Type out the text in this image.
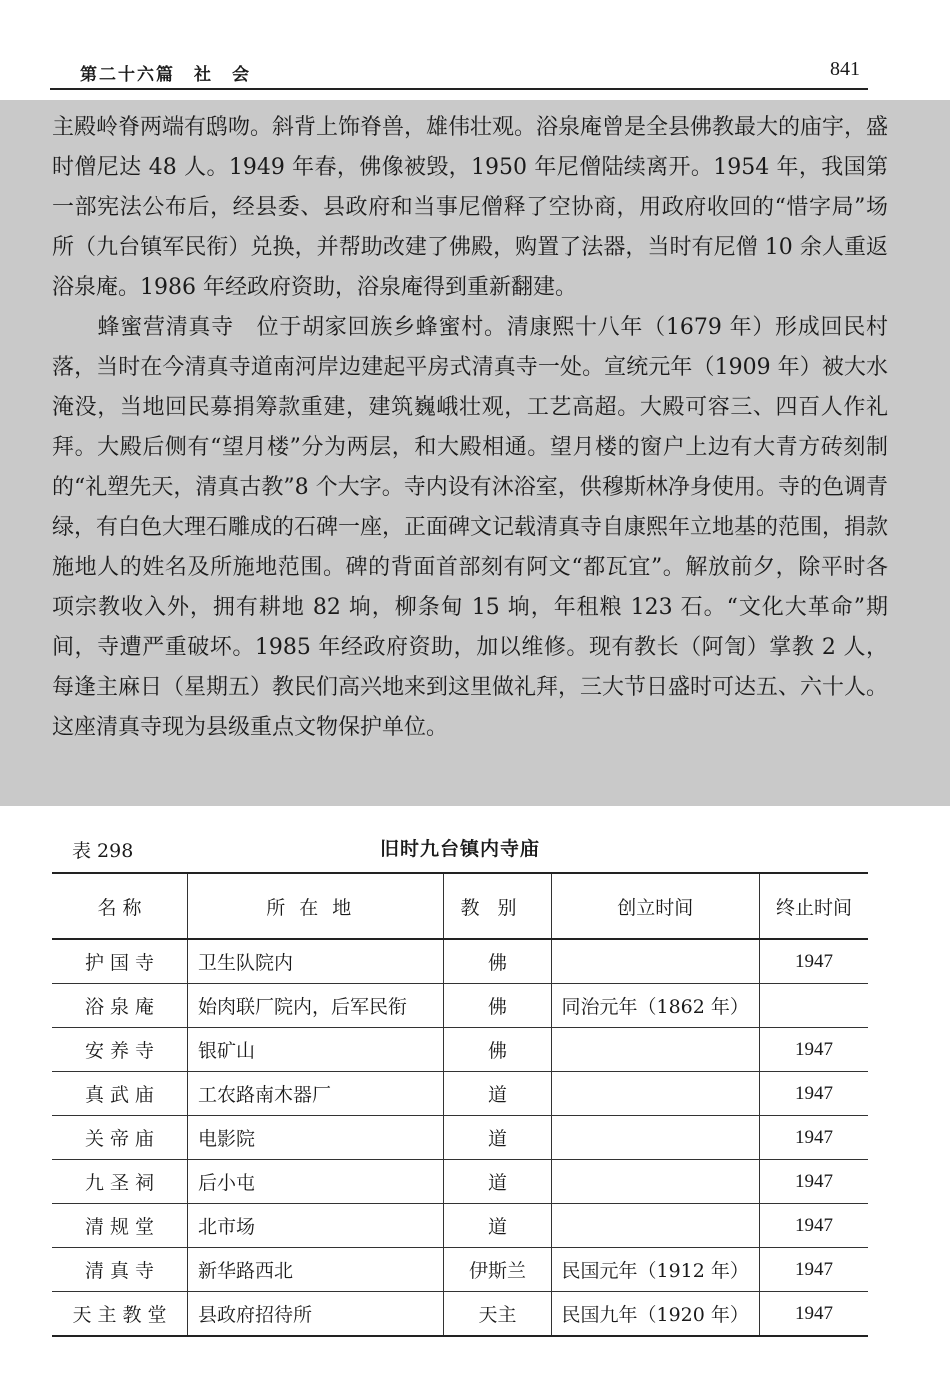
第二十六篇　社　会	841

主殿岭脊两端有鸱吻。斜背上饰脊兽，雄伟壮观。浴泉庵曾是全县佛教最大的庙宇，盛时僧尼达 48 人。1949 年春，佛像被毁，1950 年尼僧陆续离开。1954 年，我国第一部宪法公布后，经县委、县政府和当事尼僧释了空协商，用政府收回的“惜字局”场所（九台镇军民衔）兑换，并帮助改建了佛殿，购置了法器，当时有尼僧 10 余人重返浴泉庵。1986 年经政府资助，浴泉庵得到重新翻建。

　　蜂蜜营清真寺　 位于胡家回族乡蜂蜜村。清康熙十八年（1679 年）形成回民村落，当时在今清真寺道南河岸边建起平房式清真寺一处。宣统元年（1909 年）被大水淹没，当地回民募捐筹款重建，建筑巍峨壮观，工艺高超。大殿可容三、四百人作礼拜。大殿后侧有“望月楼”分为两层，和大殿相通。望月楼的窗户上边有大青方砖刻制的“礼塑先天，清真古教”8 个大字。寺内设有沐浴室，供穆斯林净身使用。寺的色调青绿，有白色大理石雕成的石碑一座，正面碑文记载清真寺自康熙年立地基的范围，捐款施地人的姓名及所施地范围。碑的背面首部刻有阿文“都瓦宜”。解放前夕，除平时各项宗教收入外，拥有耕地 82 垧，柳条甸 15 垧，年租粮 123 石。“文化大革命”期间，寺遭严重破坏。1985 年经政府资助，加以维修。现有教长（阿訇）掌教 2 人，每逢主麻日（星期五）教民们高兴地来到这里做礼拜，三大节日盛时可达五、六十人。这座清真寺现为县级重点文物保护单位。

表 298	旧时九台镇内寺庙
名称	所在地	教别	创立时间	终止时间
护国寺	卫生队院内	佛		1947
浴泉庵	始肉联厂院内，后军民衔	佛	同治元年（1862 年）	
安养寺	银矿山	佛		1947
真武庙	工农路南木器厂	道		1947
关帝庙	电影院	道		1947
九圣祠	后小屯	道		1947
清规堂	北市场	道		1947
清真寺	新华路西北	伊斯兰	民国元年（1912 年）	1947
天主教堂	县政府招待所	天主	民国九年（1920 年）	1947
